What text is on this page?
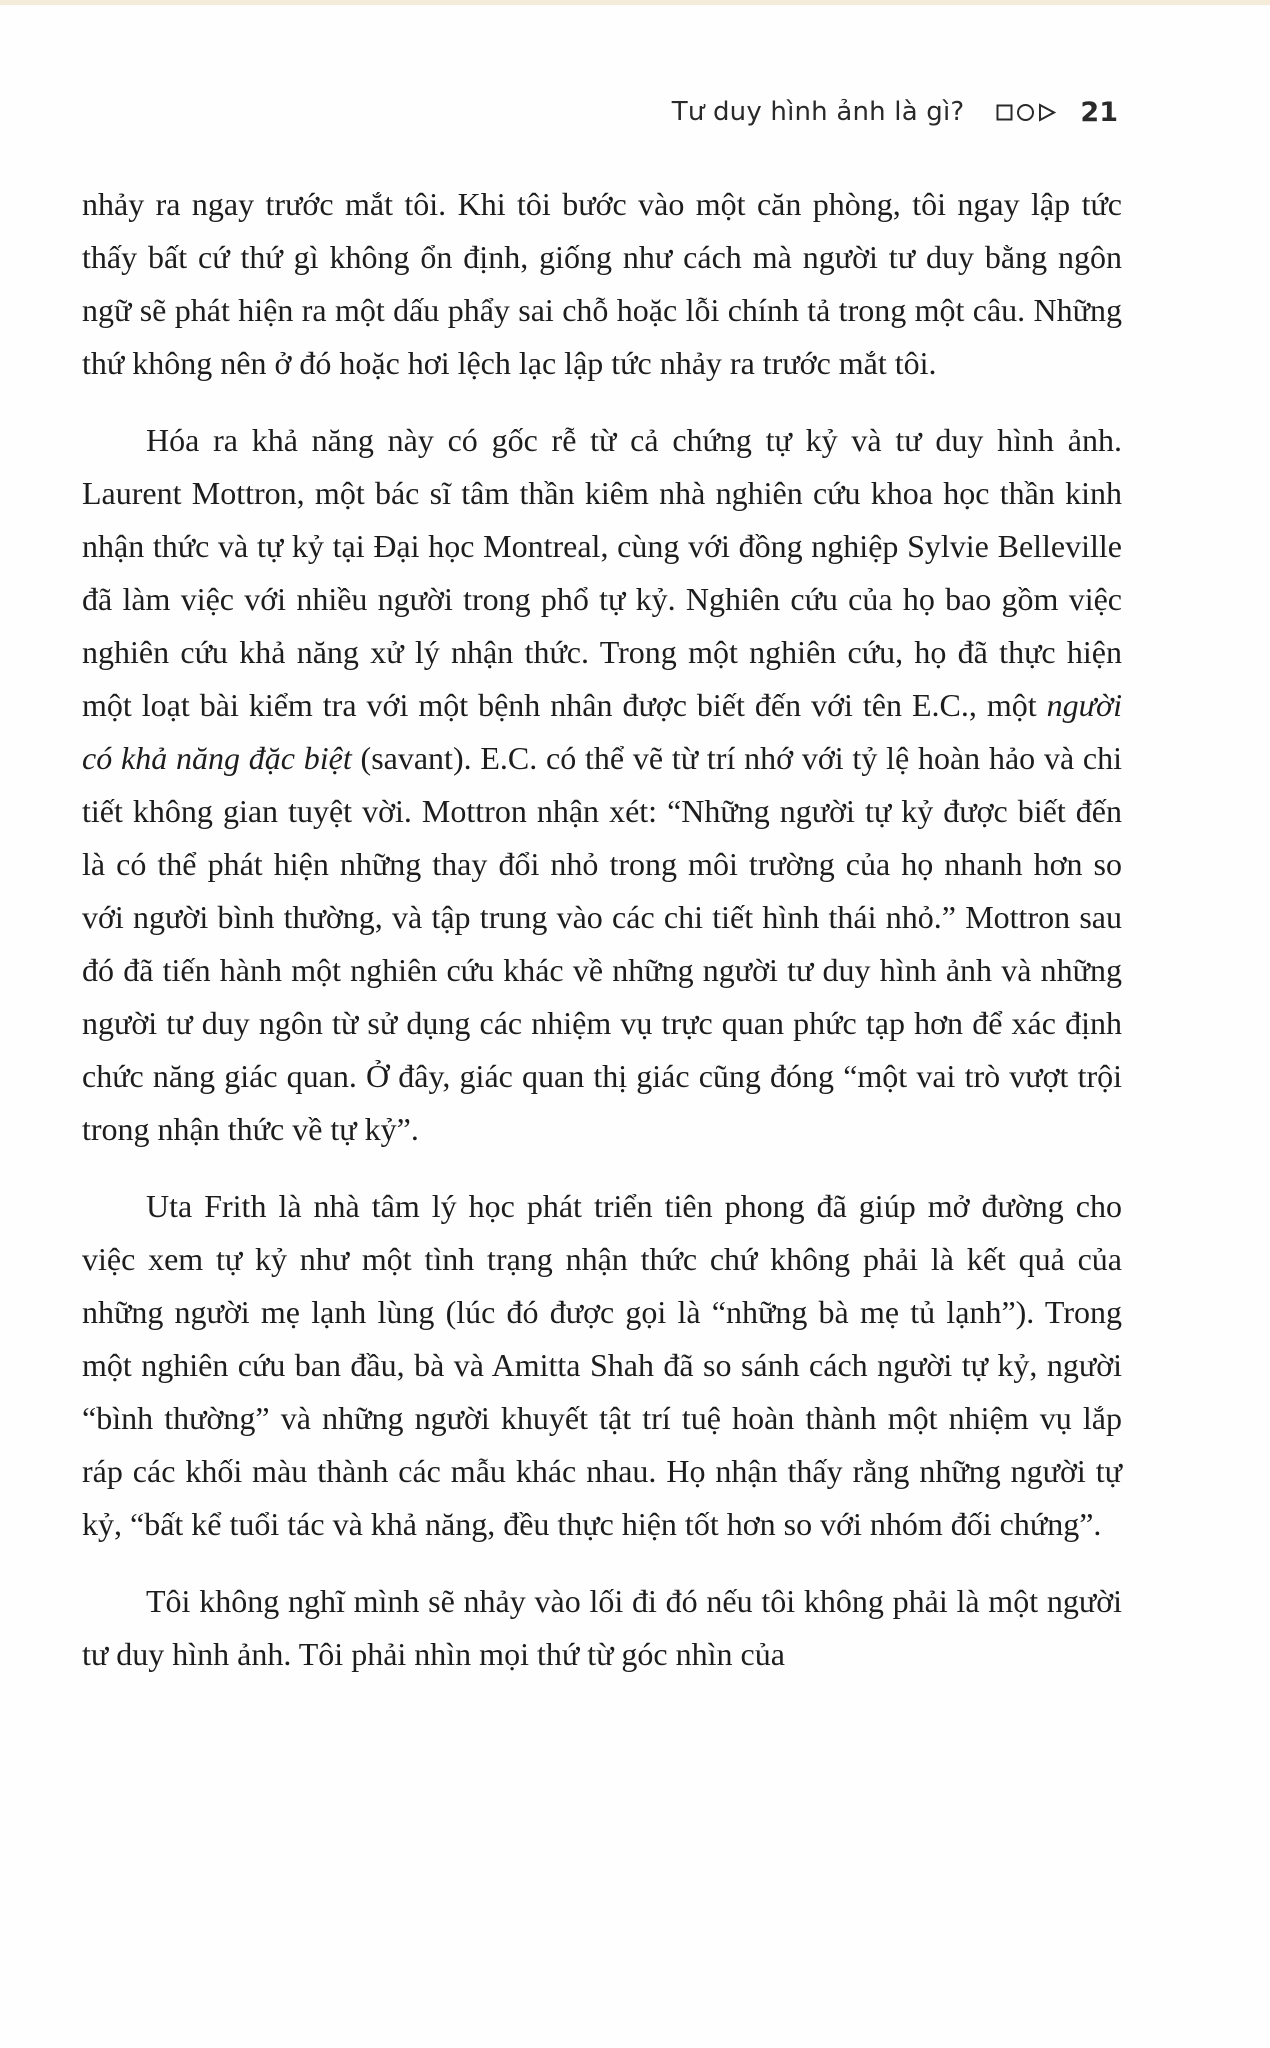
Tư duy hình ảnh là gì?	21

nhảy ra ngay trước mắt tôi. Khi tôi bước vào một căn phòng, tôi ngay lập tức thấy bất cứ thứ gì không ổn định, giống như cách mà người tư duy bằng ngôn ngữ sẽ phát hiện ra một dấu phẩy sai chỗ hoặc lỗi chính tả trong một câu. Những thứ không nên ở đó hoặc hơi lệch lạc lập tức nhảy ra trước mắt tôi.

Hóa ra khả năng này có gốc rễ từ cả chứng tự kỷ và tư duy hình ảnh. Laurent Mottron, một bác sĩ tâm thần kiêm nhà nghiên cứu khoa học thần kinh nhận thức và tự kỷ tại Đại học Montreal, cùng với đồng nghiệp Sylvie Belleville đã làm việc với nhiều người trong phổ tự kỷ. Nghiên cứu của họ bao gồm việc nghiên cứu khả năng xử lý nhận thức. Trong một nghiên cứu, họ đã thực hiện một loạt bài kiểm tra với một bệnh nhân được biết đến với tên E.C., một người có khả năng đặc biệt (savant). E.C. có thể vẽ từ trí nhớ với tỷ lệ hoàn hảo và chi tiết không gian tuyệt vời. Mottron nhận xét: “Những người tự kỷ được biết đến là có thể phát hiện những thay đổi nhỏ trong môi trường của họ nhanh hơn so với người bình thường, và tập trung vào các chi tiết hình thái nhỏ.” Mottron sau đó đã tiến hành một nghiên cứu khác về những người tư duy hình ảnh và những người tư duy ngôn từ sử dụng các nhiệm vụ trực quan phức tạp hơn để xác định chức năng giác quan. Ở đây, giác quan thị giác cũng đóng “một vai trò vượt trội trong nhận thức về tự kỷ”.

Uta Frith là nhà tâm lý học phát triển tiên phong đã giúp mở đường cho việc xem tự kỷ như một tình trạng nhận thức chứ không phải là kết quả của những người mẹ lạnh lùng (lúc đó được gọi là “những bà mẹ tủ lạnh”). Trong một nghiên cứu ban đầu, bà và Amitta Shah đã so sánh cách người tự kỷ, người “bình thường” và những người khuyết tật trí tuệ hoàn thành một nhiệm vụ lắp ráp các khối màu thành các mẫu khác nhau. Họ nhận thấy rằng những người tự kỷ, “bất kể tuổi tác và khả năng, đều thực hiện tốt hơn so với nhóm đối chứng”.

Tôi không nghĩ mình sẽ nhảy vào lối đi đó nếu tôi không phải là một người tư duy hình ảnh. Tôi phải nhìn mọi thứ từ góc nhìn của
